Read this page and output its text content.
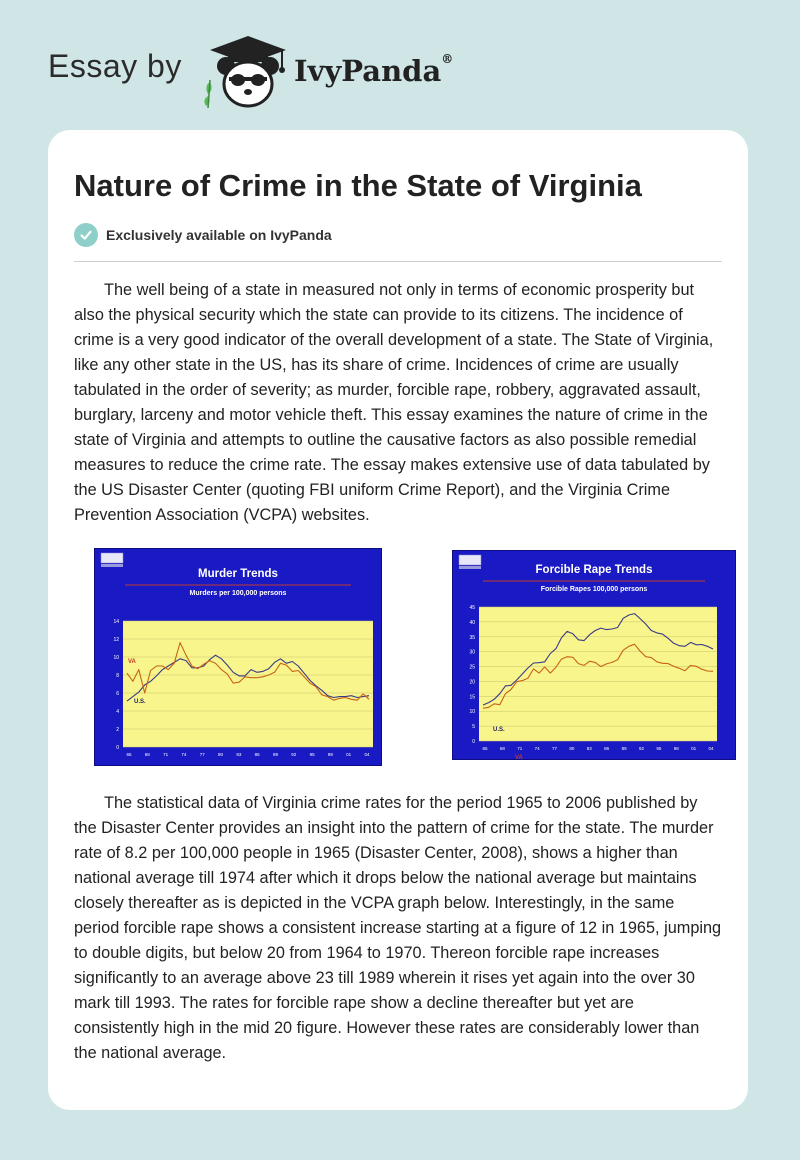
Essay by	IvyPanda®
Nature of Crime in the State of Virginia
Exclusively available on IvyPanda

The well being of a state in measured not only in terms of economic prosperity but also the physical security which the state can provide to its citizens. The incidence of crime is a very good indicator of the overall development of a state. The State of Virginia, like any other state in the US, has its share of crime. Incidences of crime are usually tabulated in the order of severity; as murder, forcible rape, robbery, aggravated assault, burglary, larceny and motor vehicle theft. This essay examines the nature of crime in the state of Virginia and attempts to outline the causative factors as also possible remedial measures to reduce the crime rate. The essay makes extensive use of data tabulated by the US Disaster Center (quoting FBI uniform Crime Report), and the Virginia Crime Prevention Association (VCPA) websites.

Murder Trends
Murders per 100,000 persons
0
2
4
6
8
10
12
14
65	68	71	74	77	80	83	86	89	92	95	98	01	04
VA
U.S.
Forcible Rape Trends
Forcible Rapes 100,000 persons
0
5
10
15
20
25
30
35
40
45
65	68	71	74	77	80	83	86	89	92	95	98	01	04
VA
U.S.

The statistical data of Virginia crime rates for the period 1965 to 2006 published by the Disaster Center provides an insight into the pattern of crime for the state. The murder rate of 8.2 per 100,000 people in 1965 (Disaster Center, 2008), shows a higher than national average till 1974 after which it drops below the national average but maintains closely thereafter as is depicted in the VCPA graph below. Interestingly, in the same period forcible rape shows a consistent increase starting at a figure of 12 in 1965, jumping to double digits, but below 20 from 1964 to 1970. Thereon forcible rape increases significantly to an average above 23 till 1989 wherein it rises yet again into the over 30 mark till 1993. The rates for forcible rape show a decline thereafter but yet are consistently high in the mid 20 figure. However these rates are considerably lower than the national average.
